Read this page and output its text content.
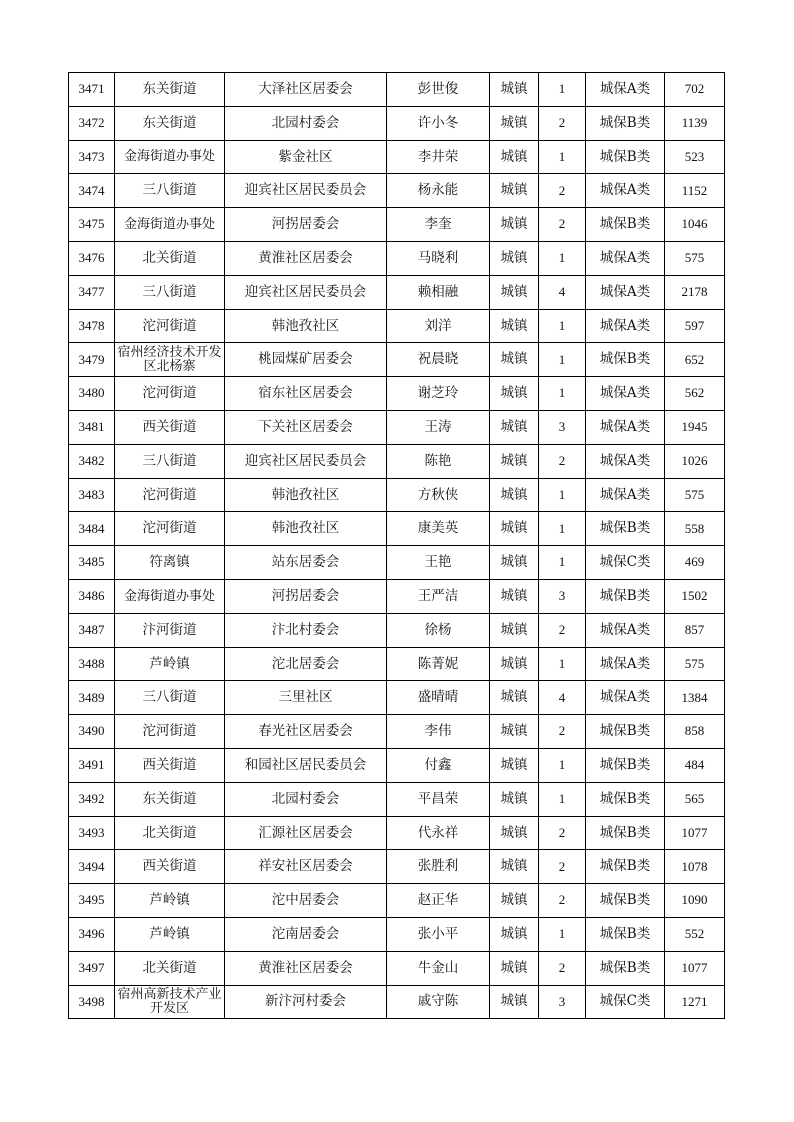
3471	东关街道	大泽社区居委会	彭世俊	城镇	1	城保A类	702
3472	东关街道	北园村委会	许小冬	城镇	2	城保B类	1139
3473	金海街道办事处	紫金社区	李井荣	城镇	1	城保B类	523
3474	三八街道	迎宾社区居民委员会	杨永能	城镇	2	城保A类	1152
3475	金海街道办事处	河拐居委会	李奎	城镇	2	城保B类	1046
3476	北关街道	黄淮社区居委会	马晓利	城镇	1	城保A类	575
3477	三八街道	迎宾社区居民委员会	赖相融	城镇	4	城保A类	2178
3478	沱河街道	韩池孜社区	刘洋	城镇	1	城保A类	597
3479	宿州经济技术开发区北杨寨	桃园煤矿居委会	祝晨晓	城镇	1	城保B类	652
3480	沱河街道	宿东社区居委会	谢芝玲	城镇	1	城保A类	562
3481	西关街道	下关社区居委会	王涛	城镇	3	城保A类	1945
3482	三八街道	迎宾社区居民委员会	陈艳	城镇	2	城保A类	1026
3483	沱河街道	韩池孜社区	方秋侠	城镇	1	城保A类	575
3484	沱河街道	韩池孜社区	康美英	城镇	1	城保B类	558
3485	符离镇	站东居委会	王艳	城镇	1	城保C类	469
3486	金海街道办事处	河拐居委会	王严洁	城镇	3	城保B类	1502
3487	汴河街道	汴北村委会	徐杨	城镇	2	城保A类	857
3488	芦岭镇	沱北居委会	陈菁妮	城镇	1	城保A类	575
3489	三八街道	三里社区	盛晴晴	城镇	4	城保A类	1384
3490	沱河街道	春光社区居委会	李伟	城镇	2	城保B类	858
3491	西关街道	和园社区居民委员会	付鑫	城镇	1	城保B类	484
3492	东关街道	北园村委会	平昌荣	城镇	1	城保B类	565
3493	北关街道	汇源社区居委会	代永祥	城镇	2	城保B类	1077
3494	西关街道	祥安社区居委会	张胜利	城镇	2	城保B类	1078
3495	芦岭镇	沱中居委会	赵正华	城镇	2	城保B类	1090
3496	芦岭镇	沱南居委会	张小平	城镇	1	城保B类	552
3497	北关街道	黄淮社区居委会	牛金山	城镇	2	城保B类	1077
3498	宿州高新技术产业开发区	新汴河村委会	戚守陈	城镇	3	城保C类	1271
